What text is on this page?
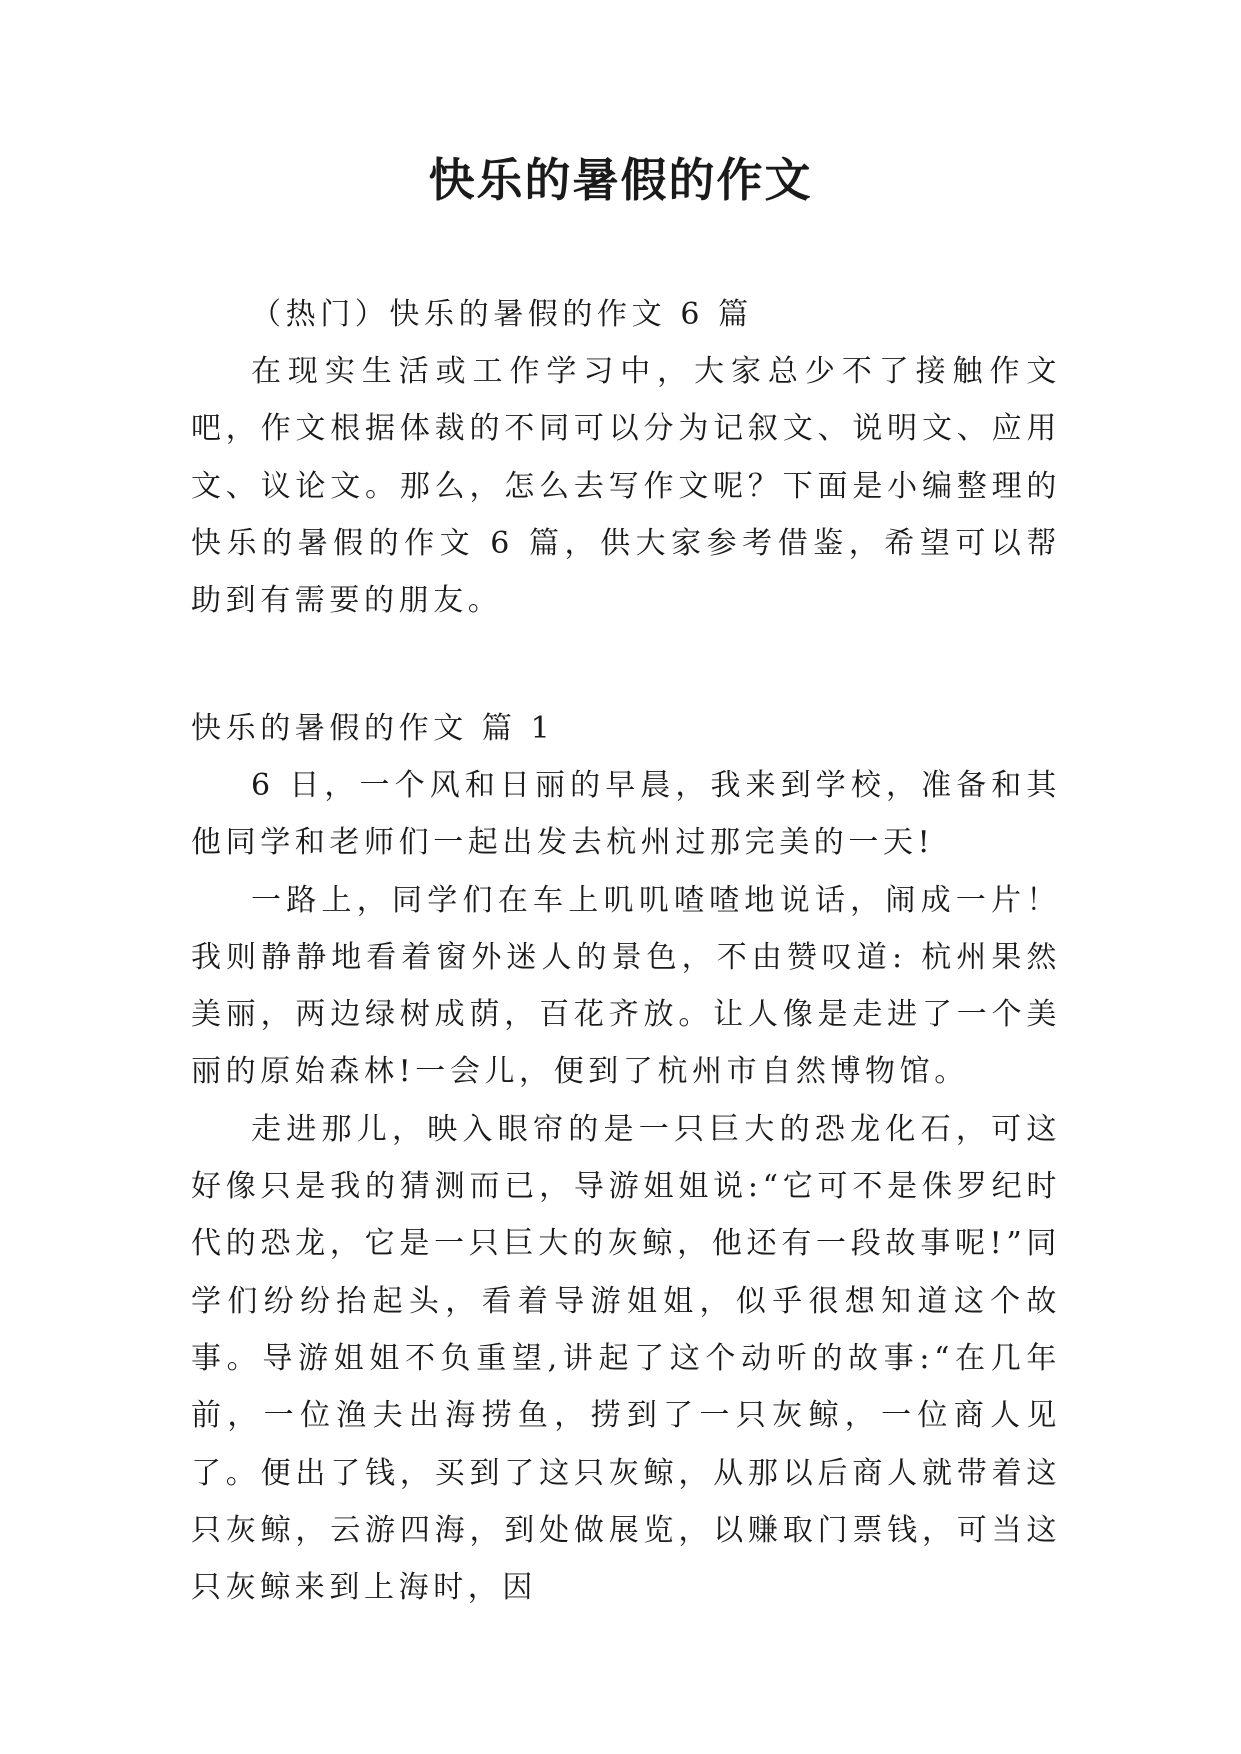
快乐的暑假的作文
（热门）快乐的暑假的作文 6 篇

在现实生活或工作学习中，大家总少不了接触作文吧，作文根据体裁的不同可以分为记叙文、说明文、应用文、议论文。那么，怎么去写作文呢？下面是小编整理的快乐的暑假的作文 6 篇，供大家参考借鉴，希望可以帮助到有需要的朋友。

快乐的暑假的作文 篇 1

6 日，一个风和日丽的早晨，我来到学校，准备和其他同学和老师们一起出发去杭州过那完美的一天!

一路上，同学们在车上叽叽喳喳地说话，闹成一片！我则静静地看着窗外迷人的景色，不由赞叹道: 杭州果然美丽，两边绿树成荫，百花齐放。让人像是走进了一个美丽的原始森林!一会儿，便到了杭州市自然博物馆。

走进那儿，映入眼帘的是一只巨大的恐龙化石，可这好像只是我的猜测而已，导游姐姐说:“它可不是侏罗纪时代的恐龙，它是一只巨大的灰鲸，他还有一段故事呢!”同学们纷纷抬起头，看着导游姐姐，似乎很想知道这个故事。导游姐姐不负重望,讲起了这个动听的故事:“在几年前，一位渔夫出海捞鱼，捞到了一只灰鲸，一位商人见了。便出了钱，买到了这只灰鲸，从那以后商人就带着这只灰鲸，云游四海，到处做展览，以赚取门票钱，可当这只灰鲸来到上海时，因
